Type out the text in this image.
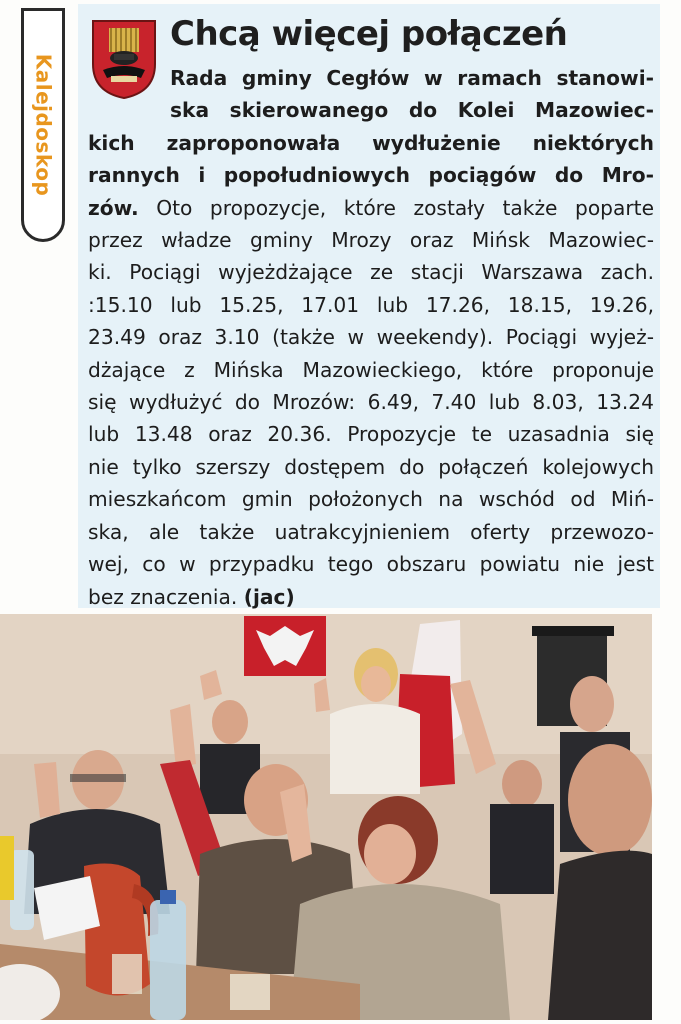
Kalejdoskop
Chcą więcej połączeń
Rada gminy Cegłów w ramach stanowi-
ska skierowanego do Kolei Mazowiec-
kich zaproponowała wydłużenie niektórych
rannych i popołudniowych pociągów do Mro-
zów. Oto propozycje, które zostały także poparte
przez władze gminy Mrozy oraz Mińsk Mazowiec-
ki. Pociągi wyjeżdżające ze stacji Warszawa zach.
:15.10 lub 15.25, 17.01 lub 17.26, 18.15, 19.26,
23.49 oraz 3.10 (także w weekendy). Pociągi wyjeż-
dżające z Mińska Mazowieckiego, które proponuje
się wydłużyć do Mrozów: 6.49, 7.40 lub 8.03, 13.24
lub 13.48 oraz 20.36. Propozycje te uzasadnia się
nie tylko szerszy dostępem do połączeń kolejowych
mieszkańcom gmin położonych na wschód od Miń-
ska, ale także uatrakcyjnieniem oferty przewozo-
wej, co w przypadku tego obszaru powiatu nie jest
bez znaczenia. (jac)
